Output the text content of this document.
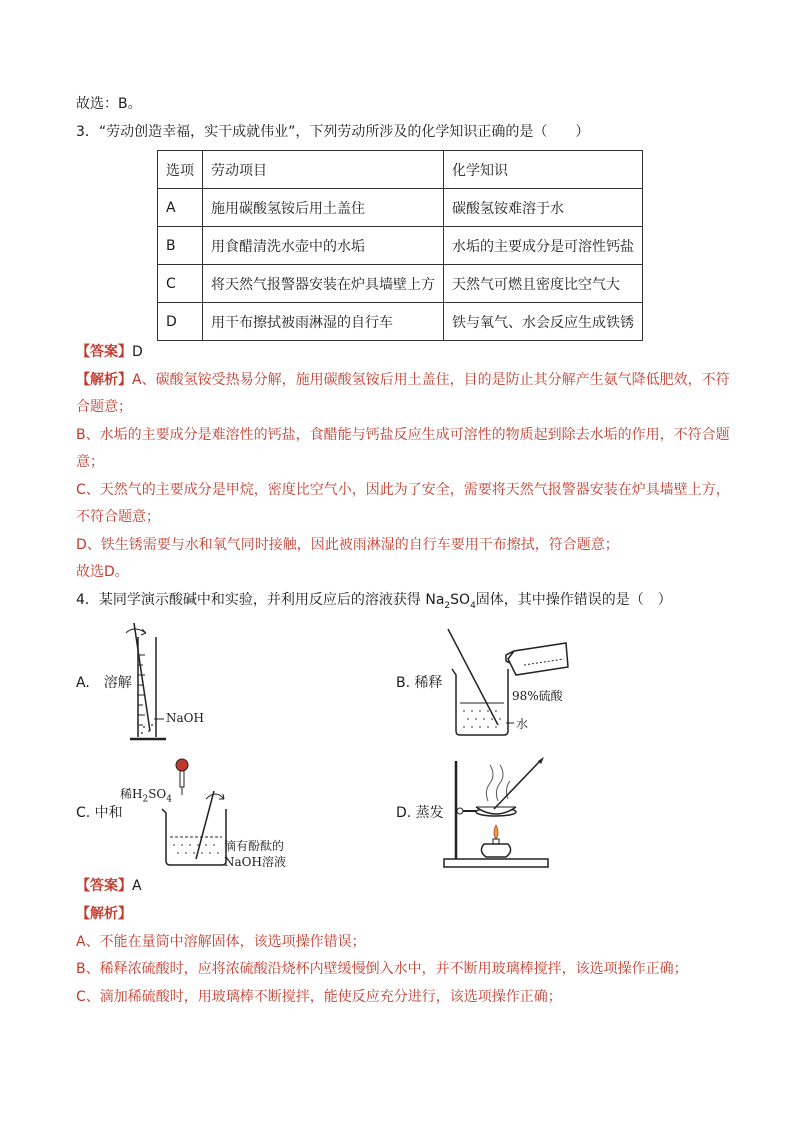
故选：B。
3．“劳动创造幸福，实干成就伟业”，下列劳动所涉及的化学知识正确的是（　　）
选项	劳动项目	化学知识
A	施用碳酸氢铵后用土盖住	碳酸氢铵难溶于水
B	用食醋清洗水壶中的水垢	水垢的主要成分是可溶性钙盐
C	将天然气报警器安装在炉具墙壁上方	天然气可燃且密度比空气大
D	用干布擦拭被雨淋湿的自行车	铁与氧气、水会反应生成铁锈
【答案】D
【解析】A、碳酸氢铵受热易分解，施用碳酸氢铵后用土盖住，目的是防止其分解产生氨气降低肥效，不符
合题意；
B、水垢的主要成分是难溶性的钙盐，食醋能与钙盐反应生成可溶性的物质起到除去水垢的作用，不符合题
意；
C、天然气的主要成分是甲烷，密度比空气小，因此为了安全，需要将天然气报警器安装在炉具墙壁上方，
不符合题意；
D、铁生锈需要与水和氧气同时接触，因此被雨淋湿的自行车要用干布擦拭，符合题意；
故选D。
4．某同学演示酸碱中和实验，并利用反应后的溶液获得 $Na_2SO_4$固体，其中操作错误的是（　）
A.　溶解
NaOH
B. 稀释
98%硫酸
水
C. 中和
稀$H_2SO_4$
滴有酚酞的
NaOH溶液
D. 蒸发
【答案】A
【解析】
A、不能在量筒中溶解固体，该选项操作错误；
B、稀释浓硫酸时，应将浓硫酸沿烧杯内壁缓慢倒入水中，并不断用玻璃棒搅拌，该选项操作正确；
C、滴加稀硫酸时，用玻璃棒不断搅拌，能使反应充分进行，该选项操作正确；
